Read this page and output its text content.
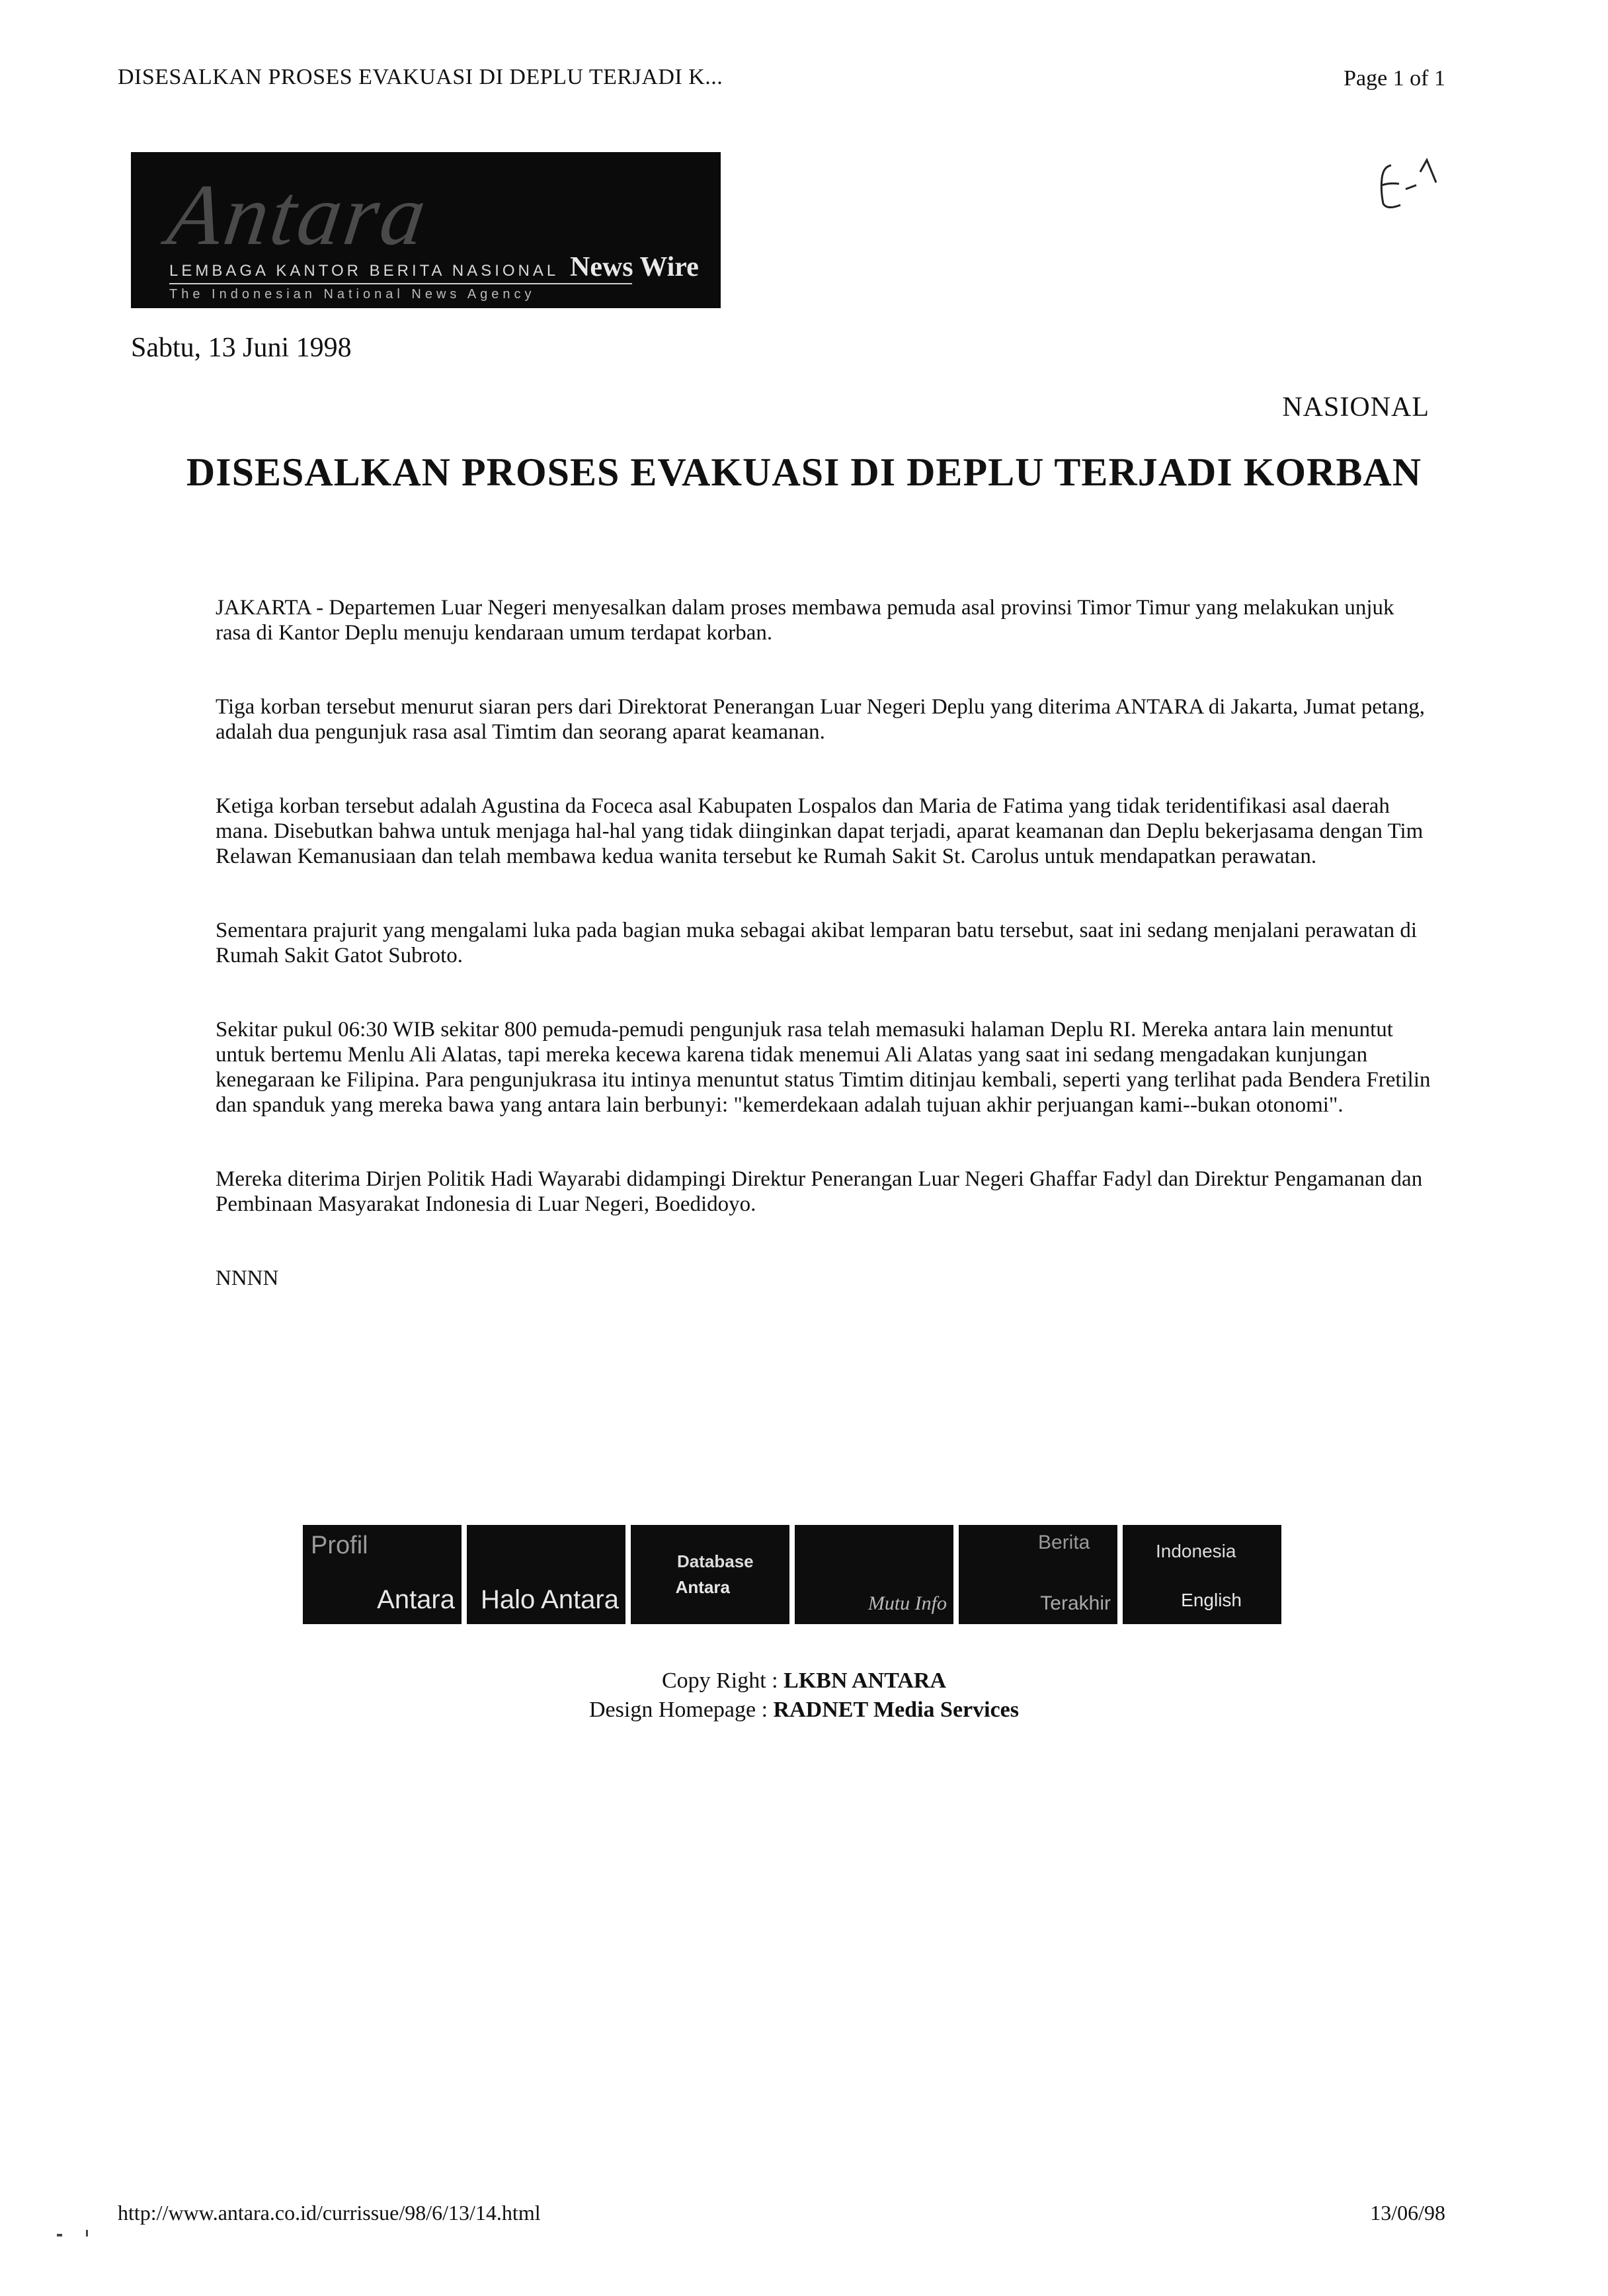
DISESALKAN PROSES EVAKUASI DI DEPLU TERJADI K...	Page 1 of 1
Antara
LEMBAGA KANTOR BERITA NASIONAL
The Indonesian National News Agency
News Wire
Sabtu, 13 Juni 1998
NASIONAL
DISESALKAN PROSES EVAKUASI DI DEPLU TERJADI KORBAN

JAKARTA - Departemen Luar Negeri menyesalkan dalam proses membawa pemuda asal provinsi Timor Timur yang melakukan unjuk rasa di Kantor Deplu menuju kendaraan umum terdapat korban.

Tiga korban tersebut menurut siaran pers dari Direktorat Penerangan Luar Negeri Deplu yang diterima ANTARA di Jakarta, Jumat petang, adalah dua pengunjuk rasa asal Timtim dan seorang aparat keamanan.

Ketiga korban tersebut adalah Agustina da Foceca asal Kabupaten Lospalos dan Maria de Fatima yang tidak teridentifikasi asal daerah mana. Disebutkan bahwa untuk menjaga hal-hal yang tidak diinginkan dapat terjadi, aparat keamanan dan Deplu bekerjasama dengan Tim Relawan Kemanusiaan dan telah membawa kedua wanita tersebut ke Rumah Sakit St. Carolus untuk mendapatkan perawatan.

Sementara prajurit yang mengalami luka pada bagian muka sebagai akibat lemparan batu tersebut, saat ini sedang menjalani perawatan di Rumah Sakit Gatot Subroto.

Sekitar pukul 06:30 WIB sekitar 800 pemuda-pemudi pengunjuk rasa telah memasuki halaman Deplu RI. Mereka antara lain menuntut untuk bertemu Menlu Ali Alatas, tapi mereka kecewa karena tidak menemui Ali Alatas yang saat ini sedang mengadakan kunjungan kenegaraan ke Filipina. Para pengunjukrasa itu intinya menuntut status Timtim ditinjau kembali, seperti yang terlihat pada Bendera Fretilin dan spanduk yang mereka bawa yang antara lain berbunyi: "kemerdekaan adalah tujuan akhir perjuangan kami--bukan otonomi".

Mereka diterima Dirjen Politik Hadi Wayarabi didampingi Direktur Penerangan Luar Negeri Ghaffar Fadyl dan Direktur Pengamanan dan Pembinaan Masyarakat Indonesia di Luar Negeri, Boedidoyo.

NNNN

Profil
Antara Halo Antara
Database
Antara
Mutu Info
Berita
Terakhir
Indonesia
English
Copy Right : LKBN ANTARA
Design Homepage : RADNET Media Services
http://www.antara.co.id/currissue/98/6/13/14.html	13/06/98
